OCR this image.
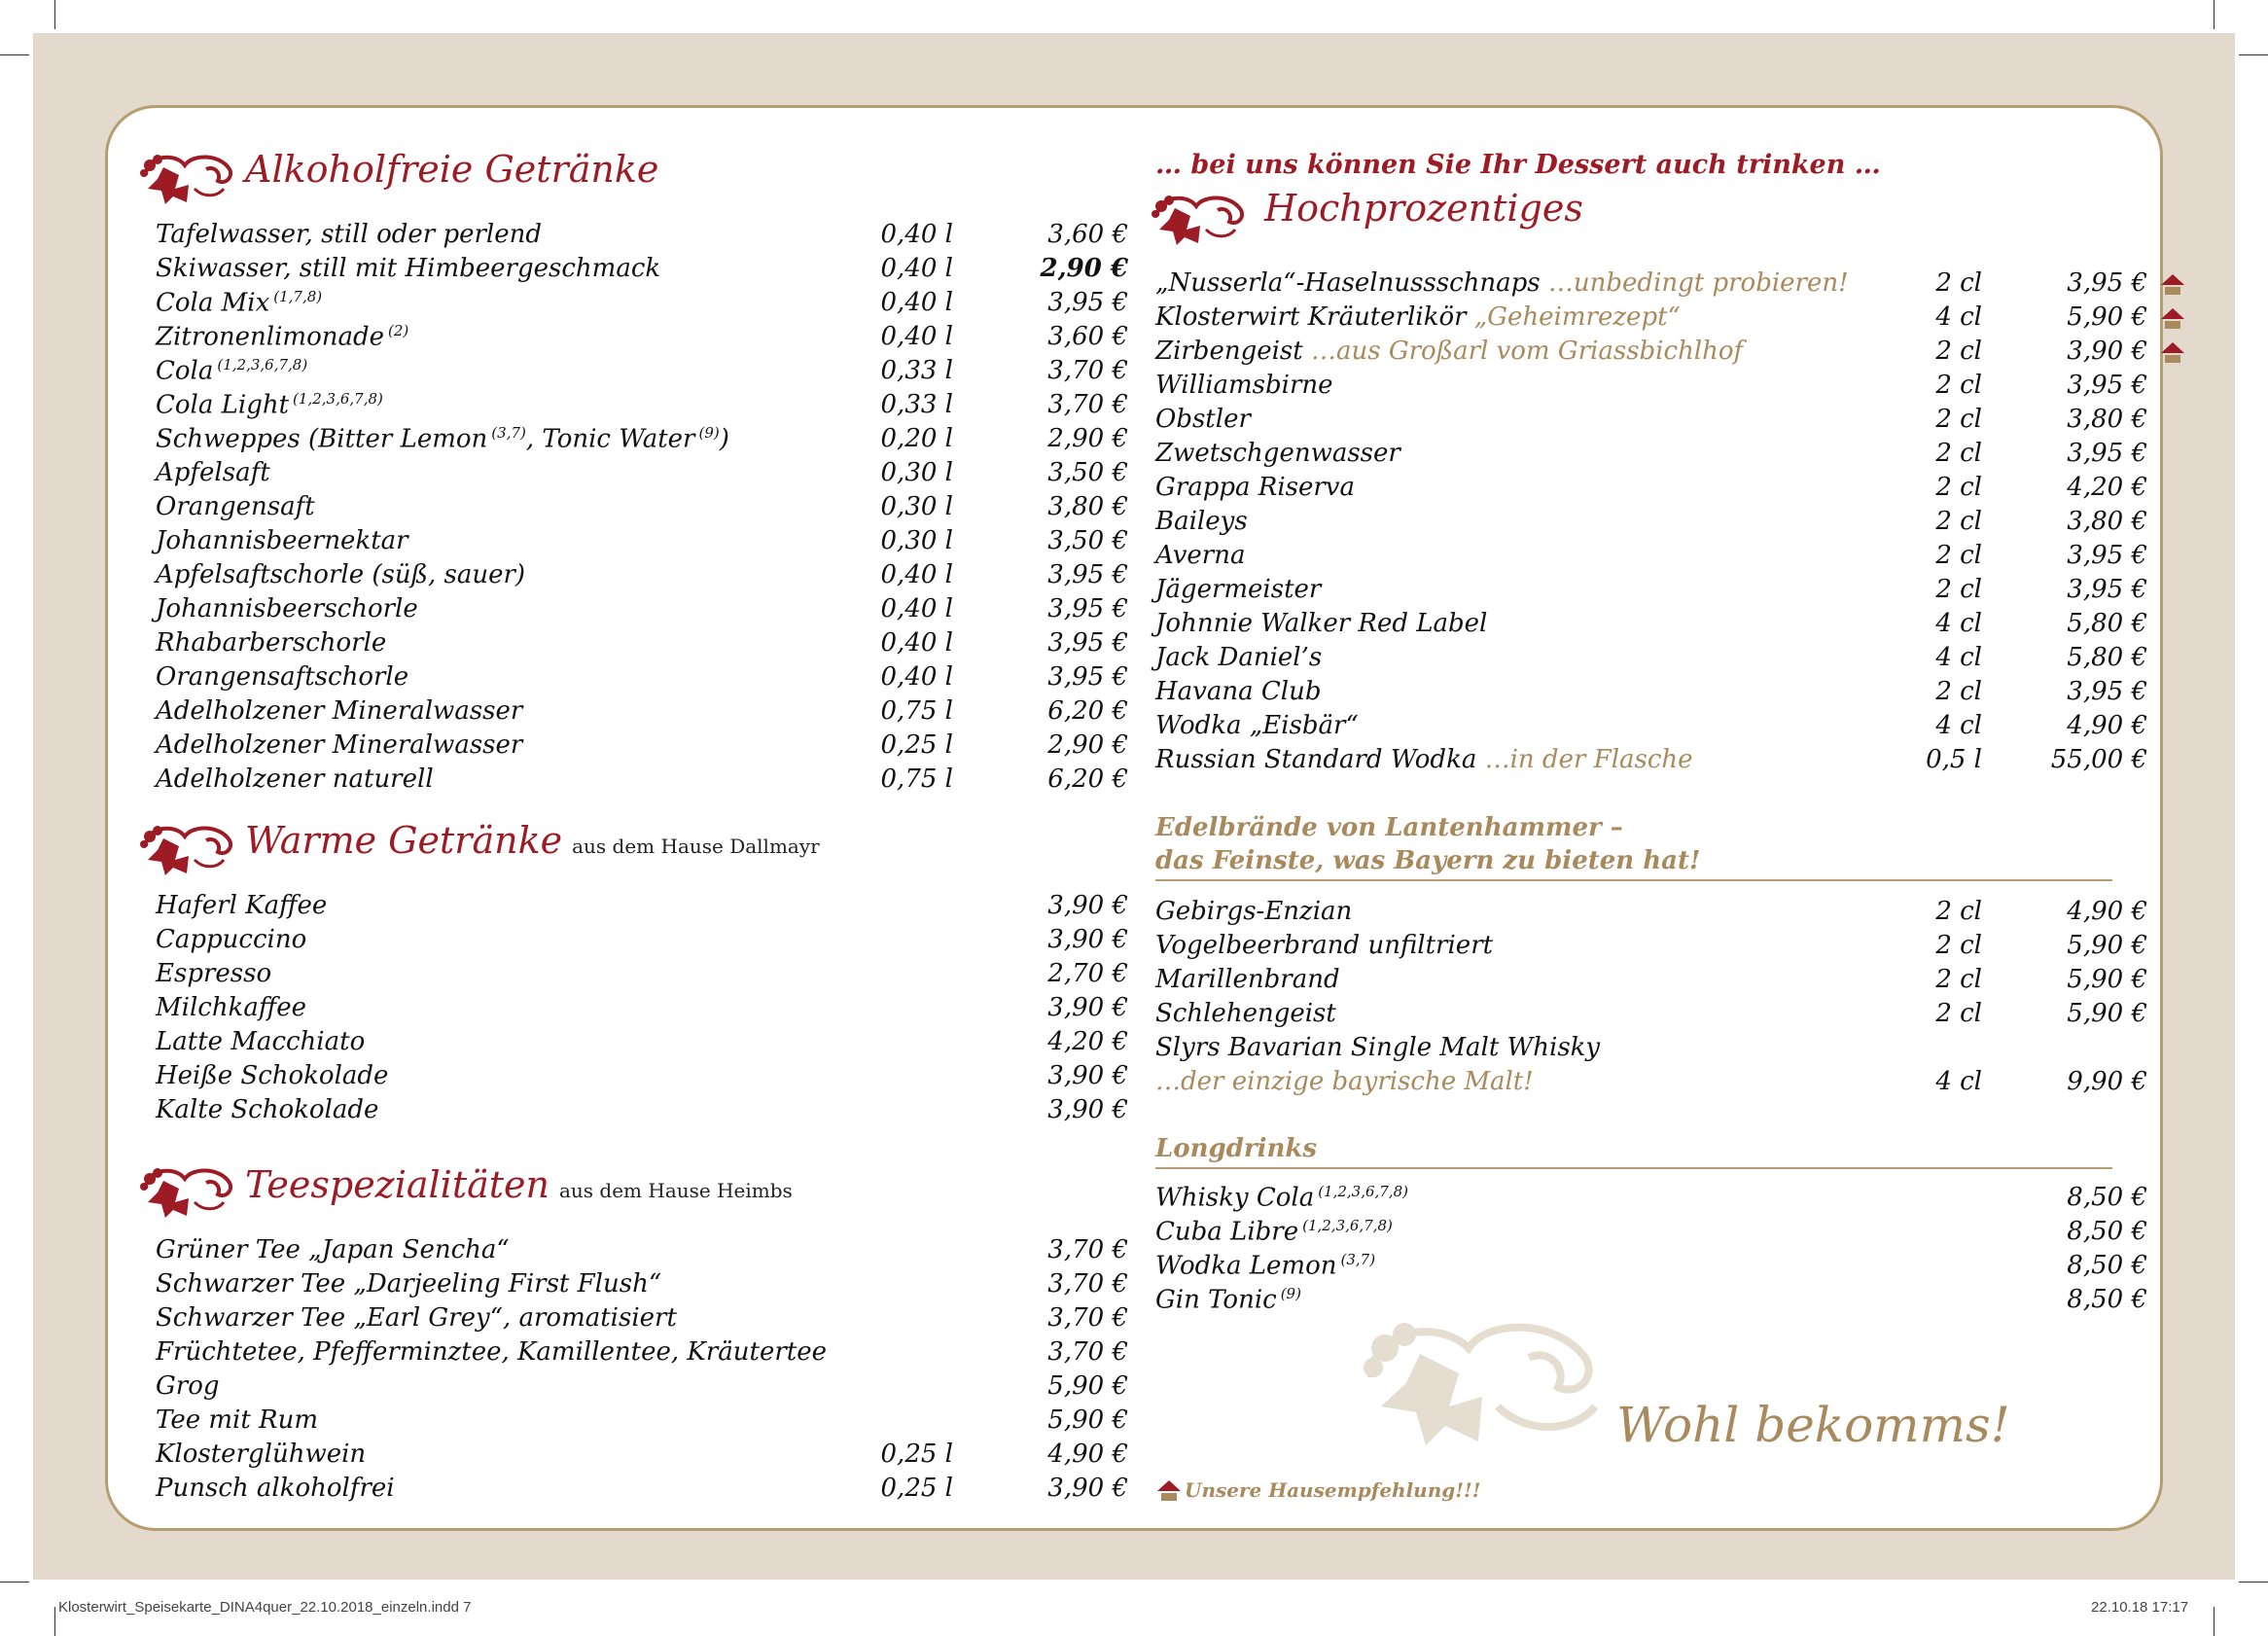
Alkoholfreie Getränke
Tafelwasser, still oder perlend	0,40 l	3,60 €
Skiwasser, still mit Himbeergeschmack	0,40 l	2,90 €
Cola Mix $^{(1,7,8)}$	0,40 l	3,95 €
Zitronenlimonade $^{(2)}$	0,40 l	3,60 €
Cola $^{(1,2,3,6,7,8)}$	0,33 l	3,70 €
Cola Light $^{(1,2,3,6,7,8)}$	0,33 l	3,70 €
Schweppes (Bitter Lemon $^{(3,7)}$, Tonic Water $^{(9)}$)	0,20 l	2,90 €
Apfelsaft	0,30 l	3,50 €
Orangensaft	0,30 l	3,80 €
Johannisbeernektar	0,30 l	3,50 €
Apfelsaftschorle (süß, sauer)	0,40 l	3,95 €
Johannisbeerschorle	0,40 l	3,95 €
Rhabarberschorle	0,40 l	3,95 €
Orangensaftschorle	0,40 l	3,95 €
Adelholzener Mineralwasser	0,75 l	6,20 €
Adelholzener Mineralwasser	0,25 l	2,90 €
Adelholzener naturell	0,75 l	6,20 €
Warme Getränke aus dem Hause Dallmayr
Haferl Kaffee	3,90 €
Cappuccino	3,90 €
Espresso	2,70 €
Milchkaffee	3,90 €
Latte Macchiato	4,20 €
Heiße Schokolade	3,90 €
Kalte Schokolade	3,90 €
Teespezialitäten aus dem Hause Heimbs
Grüner Tee „Japan Sencha“	3,70 €
Schwarzer Tee „Darjeeling First Flush“	3,70 €
Schwarzer Tee „Earl Grey“, aromatisiert	3,70 €
Früchtetee, Pfefferminztee, Kamillentee, Kräutertee	3,70 €
Grog	5,90 €
Tee mit Rum	5,90 €
Klosterglühwein	0,25 l	4,90 €
Punsch alkoholfrei	0,25 l	3,90 €
… bei uns können Sie Ihr Dessert auch trinken …
Hochprozentiges
„Nusserla“-Haselnussschnaps …unbedingt probieren!	2 cl	3,95 €
Klosterwirt Kräuterlikör „Geheimrezept“	4 cl	5,90 €
Zirbengeist …aus Großarl vom Griassbichlhof	2 cl	3,90 €
Williamsbirne	2 cl	3,95 €
Obstler	2 cl	3,80 €
Zwetschgenwasser	2 cl	3,95 €
Grappa Riserva	2 cl	4,20 €
Baileys	2 cl	3,80 €
Averna	2 cl	3,95 €
Jägermeister	2 cl	3,95 €
Johnnie Walker Red Label	4 cl	5,80 €
Jack Daniel’s	4 cl	5,80 €
Havana Club	2 cl	3,95 €
Wodka „Eisbär“	4 cl	4,90 €
Russian Standard Wodka …in der Flasche	0,5 l	55,00 €
Edelbrände von Lantenhammer –
das Feinste, was Bayern zu bieten hat!
Gebirgs-Enzian	2 cl	4,90 €
Vogelbeerbrand unfiltriert	2 cl	5,90 €
Marillenbrand	2 cl	5,90 €
Schlehengeist	2 cl	5,90 €
Slyrs Bavarian Single Malt Whisky
…der einzige bayrische Malt!	4 cl	9,90 €
Longdrinks
Whisky Cola $^{(1,2,3,6,7,8)}$	8,50 €
Cuba Libre $^{(1,2,3,6,7,8)}$	8,50 €
Wodka Lemon $^{(3,7)}$	8,50 €
Gin Tonic $^{(9)}$	8,50 €
Wohl bekomms!
Unsere Hausempfehlung!!!
Klosterwirt_Speisekarte_DINA4quer_22.10.2018_einzeln.indd 7	22.10.18 17:17
